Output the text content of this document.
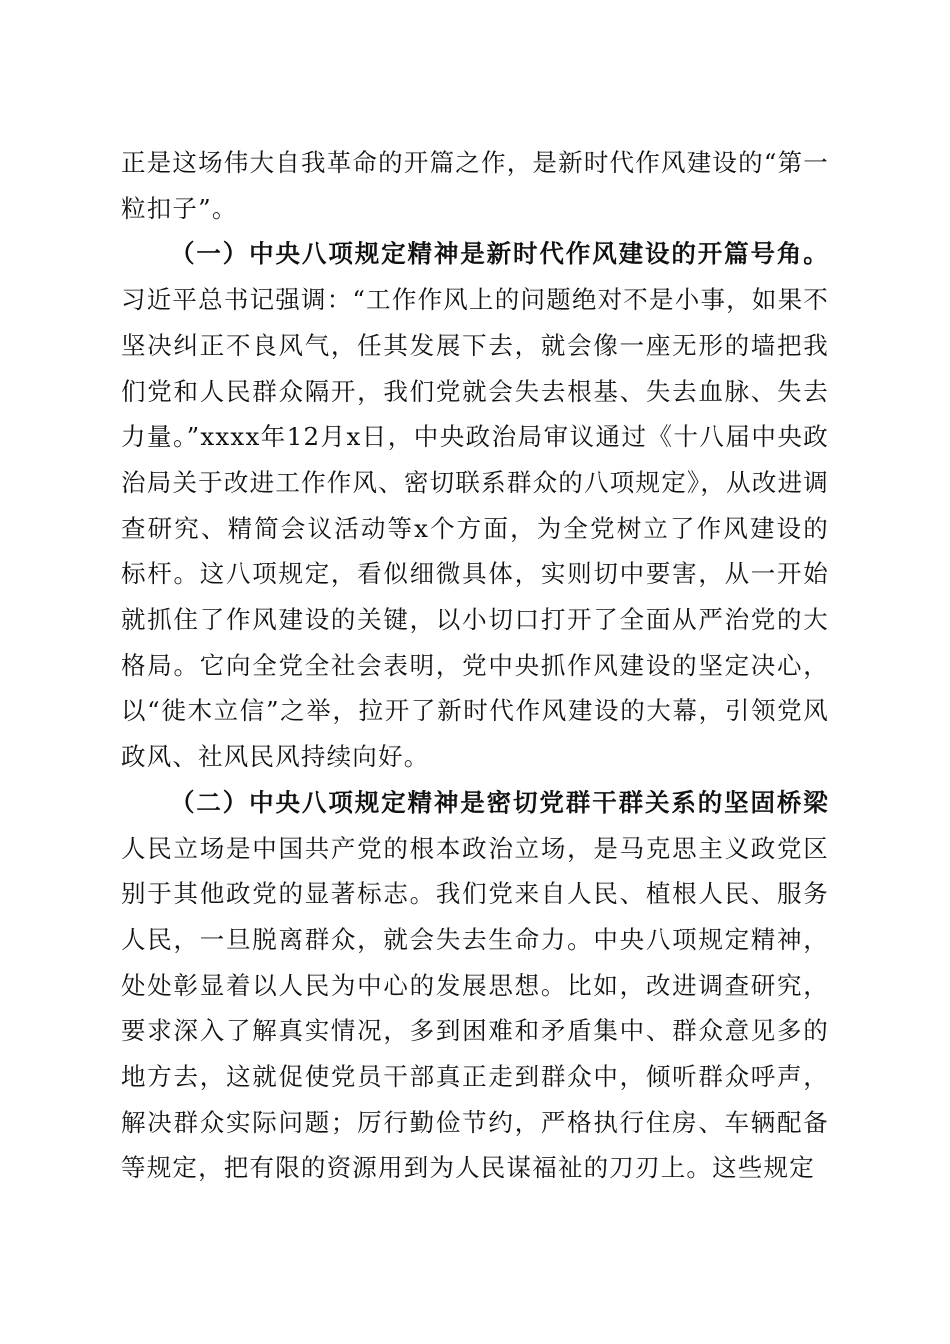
正是这场伟大自我革命的开篇之作，是新时代作风建设的“第一粒扣子”。

（一）中央八项规定精神是新时代作风建设的开篇号角。习近平总书记强调：“工作作风上的问题绝对不是小事，如果不坚决纠正不良风气，任其发展下去，就会像一座无形的墙把我们党和人民群众隔开，我们党就会失去根基、失去血脉、失去力量。”xxxx年12月x日，中央政治局审议通过《十八届中央政治局关于改进工作作风、密切联系群众的八项规定》，从改进调查研究、精简会议活动等x个方面，为全党树立了作风建设的标杆。这八项规定，看似细微具体，实则切中要害，从一开始就抓住了作风建设的关键，以小切口打开了全面从严治党的大格局。它向全党全社会表明，党中央抓作风建设的坚定决心，以“徙木立信”之举，拉开了新时代作风建设的大幕，引领党风政风、社风民风持续向好。

（二）中央八项规定精神是密切党群干群关系的坚固桥梁人民立场是中国共产党的根本政治立场，是马克思主义政党区别于其他政党的显著标志。我们党来自人民、植根人民、服务人民，一旦脱离群众，就会失去生命力。中央八项规定精神，处处彰显着以人民为中心的发展思想。比如，改进调查研究，要求深入了解真实情况，多到困难和矛盾集中、群众意见多的地方去，这就促使党员干部真正走到群众中，倾听群众呼声，解决群众实际问题；厉行勤俭节约，严格执行住房、车辆配备等规定，把有限的资源用到为人民谋福祉的刀刃上。这些规定
